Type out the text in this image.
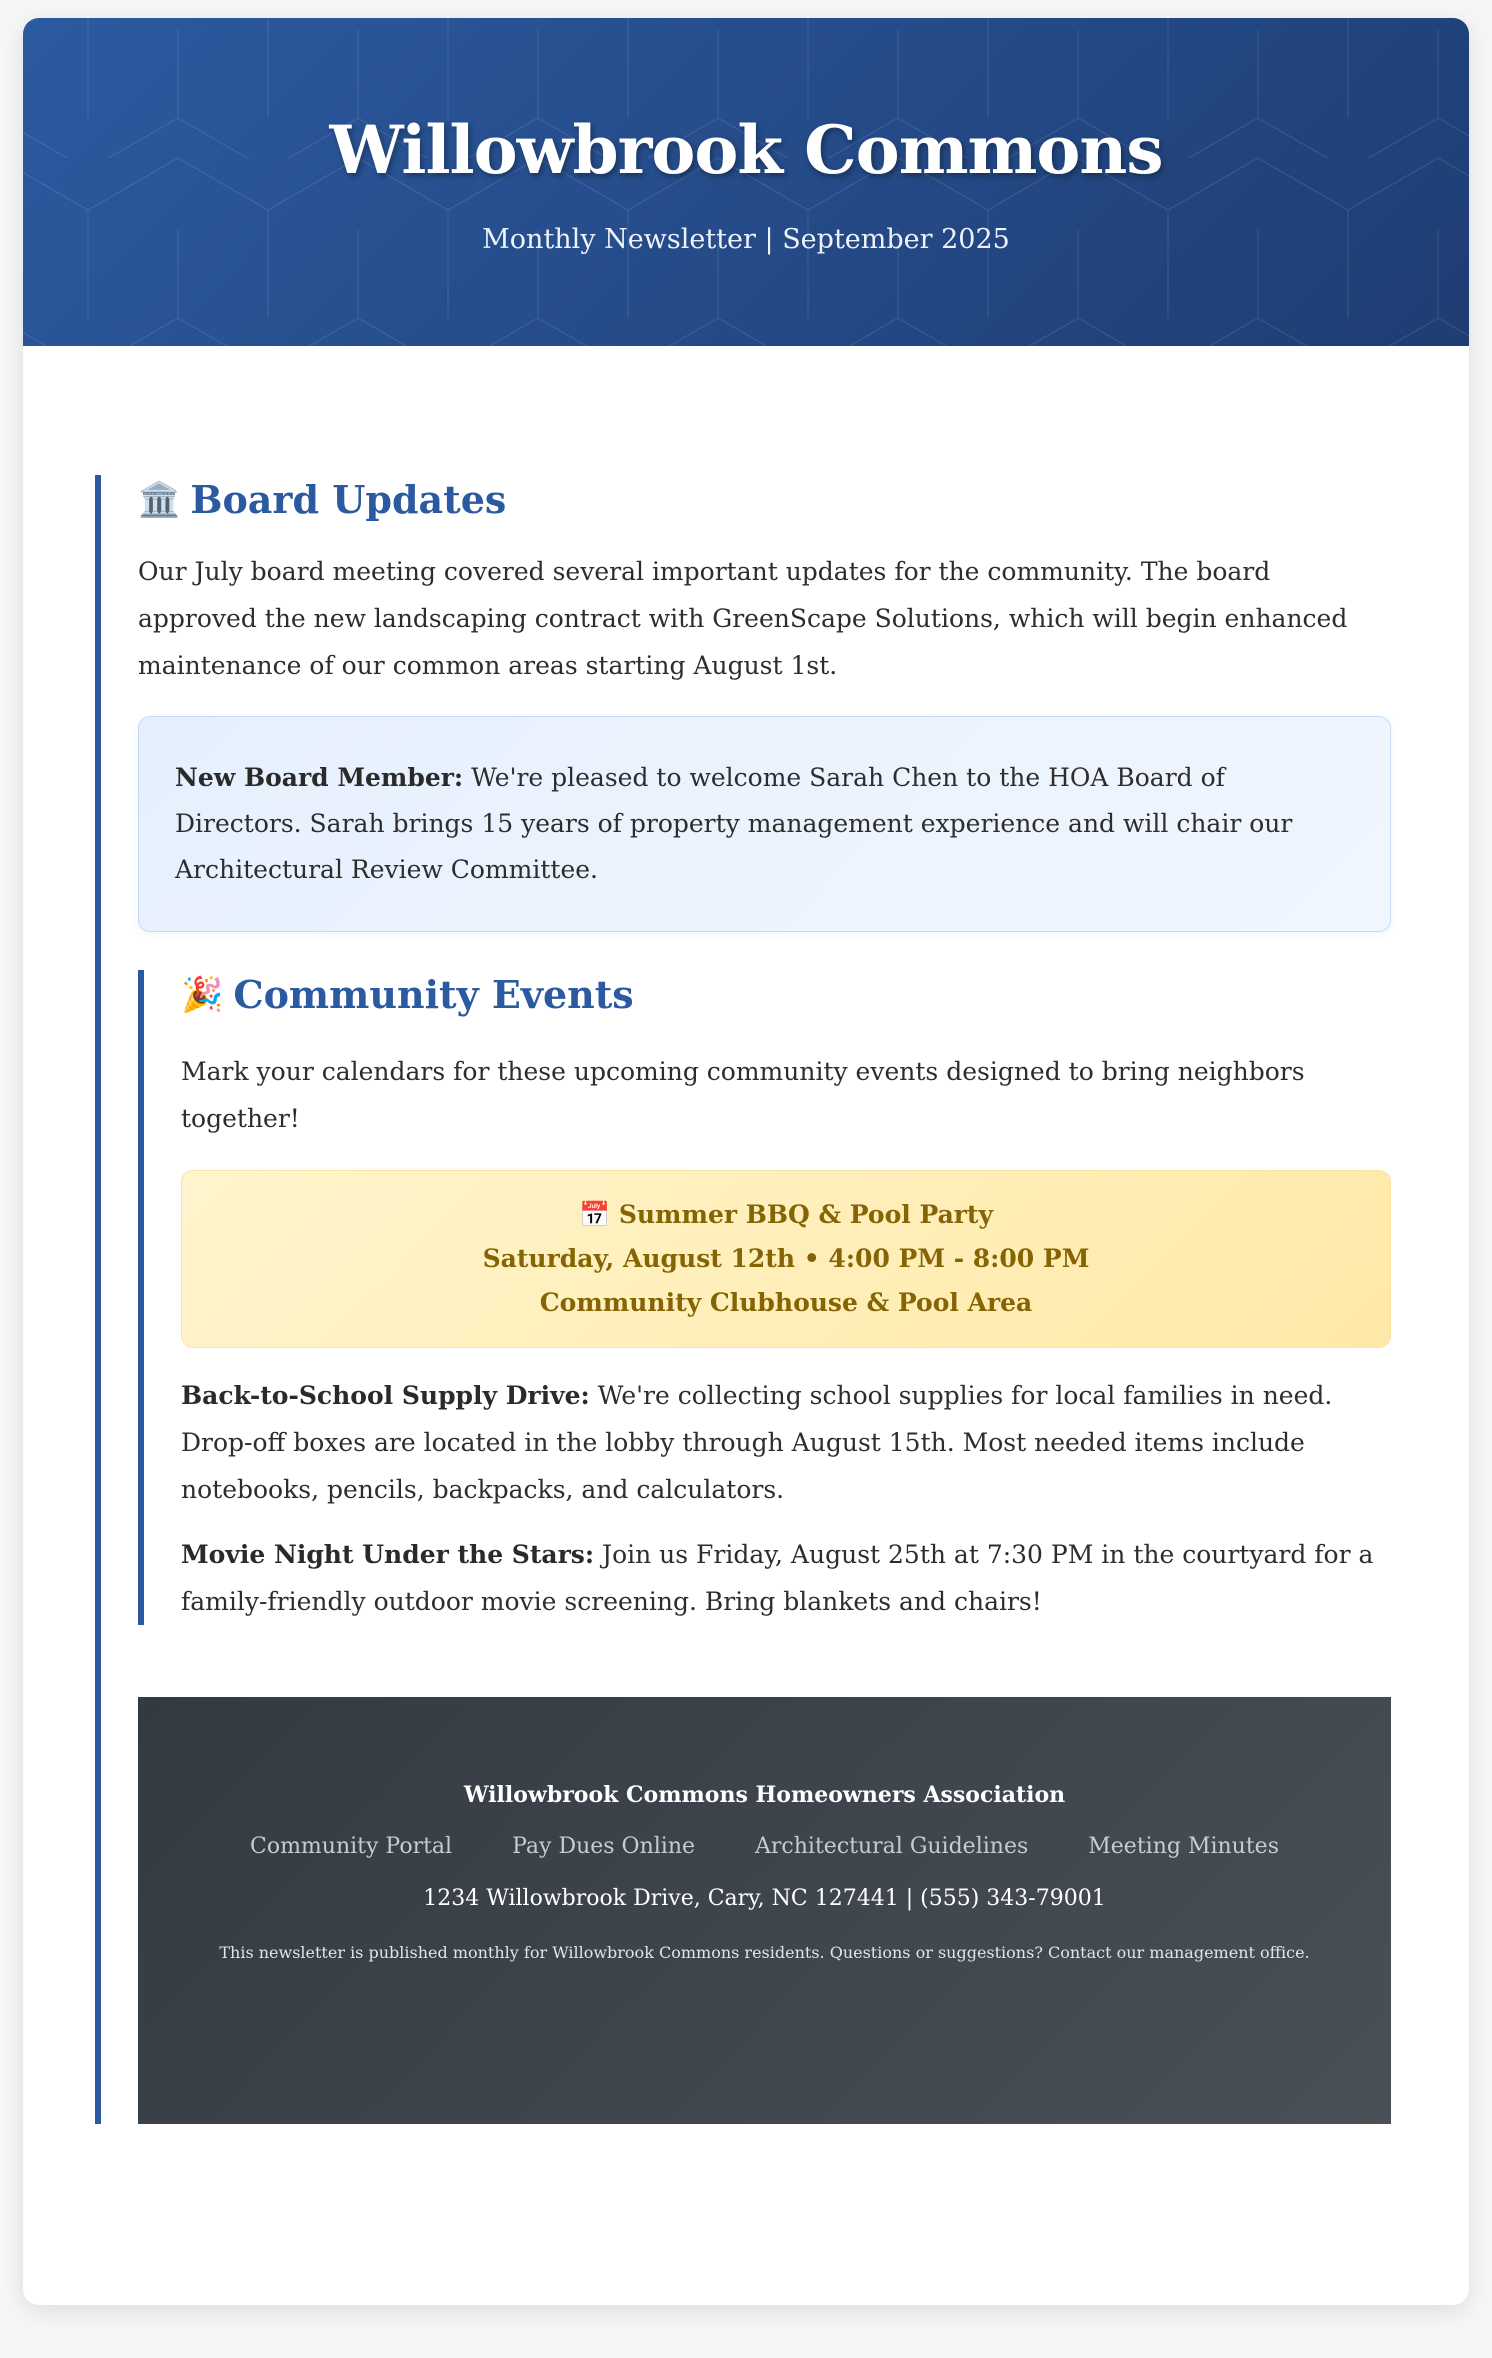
Willowbrook Commons
Monthly Newsletter | September 2025
🏛️ Board Updates

Our July board meeting covered several important updates for the community. The board approved the new landscaping contract with GreenScape Solutions, which will begin enhanced maintenance of our common areas starting August 1st.

New Board Member: We're pleased to welcome Sarah Chen to the HOA Board of Directors. Sarah brings 15 years of property management experience and will chair our Architectural Review Committee.

🎉 Community Events

Mark your calendars for these upcoming community events designed to bring neighbors together!

📅 Summer BBQ & Pool Party
Saturday, August 12th • 4:00 PM - 8:00 PM
Community Clubhouse & Pool Area

Back-to-School Supply Drive: We're collecting school supplies for local families in need. Drop-off boxes are located in the lobby through August 15th. Most needed items include notebooks, pencils, backpacks, and calculators.

Movie Night Under the Stars: Join us Friday, August 25th at 7:30 PM in the courtyard for a family-friendly outdoor movie screening. Bring blankets and chairs!

Willowbrook Commons Homeowners Association
Community Portal	Pay Dues Online	Architectural Guidelines	Meeting Minutes
1234 Willowbrook Drive, Cary, NC 127441 | (555) 343-79001

This newsletter is published monthly for Willowbrook Commons residents. Questions or suggestions? Contact our management office.
